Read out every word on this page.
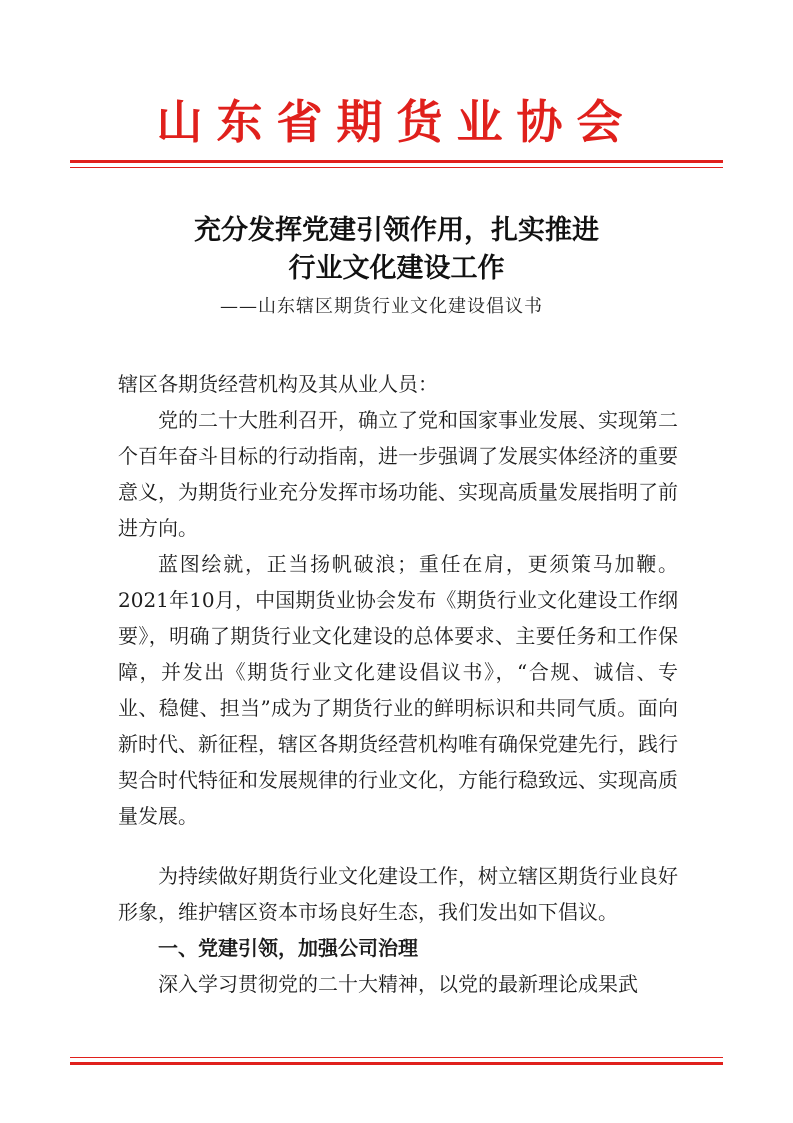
山东省期货业协会
充分发挥党建引领作用，扎实推进
行业文化建设工作
——山东辖区期货行业文化建设倡议书
辖区各期货经营机构及其从业人员：
党的二十大胜利召开，确立了党和国家事业发展、实现第二个百年奋斗目标的行动指南，进一步强调了发展实体经济的重要意义，为期货行业充分发挥市场功能、实现高质量发展指明了前进方向。
蓝图绘就，正当扬帆破浪；重任在肩，更须策马加鞭。2021年10月，中国期货业协会发布《期货行业文化建设工作纲要》，明确了期货行业文化建设的总体要求、主要任务和工作保障，并发出《期货行业文化建设倡议书》，“合规、诚信、专业、稳健、担当”成为了期货行业的鲜明标识和共同气质。面向新时代、新征程，辖区各期货经营机构唯有确保党建先行，践行契合时代特征和发展规律的行业文化，方能行稳致远、实现高质量发展。
为持续做好期货行业文化建设工作，树立辖区期货行业良好形象，维护辖区资本市场良好生态，我们发出如下倡议。
一、党建引领，加强公司治理
深入学习贯彻党的二十大精神，以党的最新理论成果武
